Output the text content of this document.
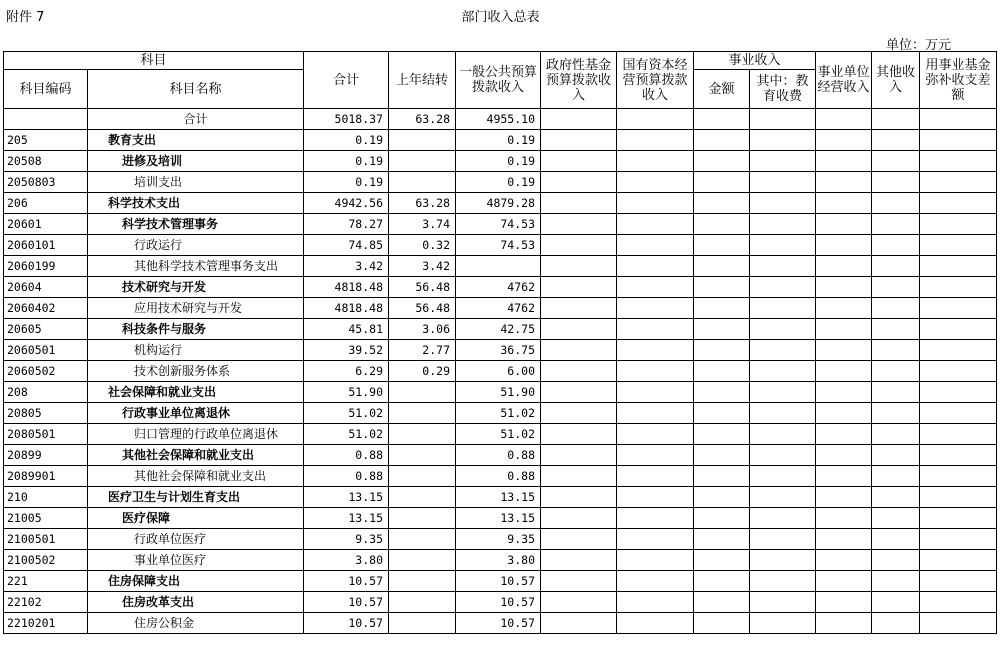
附件 7	部门收入总表
单位：万元
科目		合计	上年结转	一般公共预算拨款收入	政府性基金预算拨款收入	国有资本经营预算拨款收入	事业收入		事业单位经营收入	其他收入	用事业基金弥补收支差额
科目编码	科目名称						金额	其中：教育收费			
	合计	5018.37	63.28	4955.10							
205	教育支出	0.19		0.19							
20508	进修及培训	0.19		0.19							
2050803	培训支出	0.19		0.19							
206	科学技术支出	4942.56	63.28	4879.28							
20601	科学技术管理事务	78.27	3.74	74.53							
2060101	行政运行	74.85	0.32	74.53							
2060199	其他科学技术管理事务支出	3.42	3.42								
20604	技术研究与开发	4818.48	56.48	4762							
2060402	应用技术研究与开发	4818.48	56.48	4762							
20605	科技条件与服务	45.81	3.06	42.75							
2060501	机构运行	39.52	2.77	36.75							
2060502	技术创新服务体系	6.29	0.29	6.00							
208	社会保障和就业支出	51.90		51.90							
20805	行政事业单位离退休	51.02		51.02							
2080501	归口管理的行政单位离退休	51.02		51.02							
20899	其他社会保障和就业支出	0.88		0.88							
2089901	其他社会保障和就业支出	0.88		0.88							
210	医疗卫生与计划生育支出	13.15		13.15							
21005	医疗保障	13.15		13.15							
2100501	行政单位医疗	9.35		9.35							
2100502	事业单位医疗	3.80		3.80							
221	住房保障支出	10.57		10.57							
22102	住房改革支出	10.57		10.57							
2210201	住房公积金	10.57		10.57							
